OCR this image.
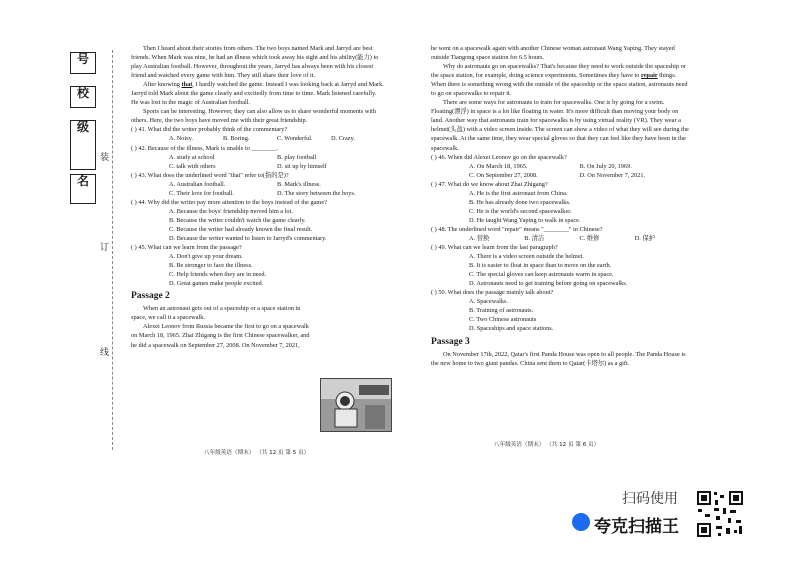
号
校
级
名
装
订
线

Then I heard about their stories from others. The two boys named Mark and Jarryd are best friends. When Mark was nine, he had an illness which took away his sight and his ability(能力) to play Australian football. However, throughout the years, Jarryd has always been with his closest friend and watched every game with him. They still share their love of it.

After knowing that, I hardly watched the game. Instead I was looking back at Jarryd and Mark. Jarryd told Mark about the game clearly and excitedly from time to time. Mark listened carefully. He was lost in the magic of Australian football.

Sports can be interesting. However, they can also allow us to share wonderful moments with others. Here, the two boys have moved me with their great friendship.

( ) 41. What did the writer probably think of the commentary?
A. Noisy.	B. Boring.	C. Wonderful.	D. Crazy.
( ) 42. Because of the illness, Mark is unable to ________.
A. study at school	B. play football
C. talk with others	D. sit up by himself
( ) 43. What does the underlined word "that" refer to(指的是)?
A. Australian football.	B. Mark's illness.
C. Their love for football.	D. The story between the boys.
( ) 44. Why did the writer pay more attention to the boys instead of the game?
A. Because the boys' friendship moved him a lot.
B. Because the writer couldn't watch the game clearly.
C. Because the writer had already known the final result.
D. Because the writer wanted to listen to Jarryd's commentary.
( ) 45. What can we learn from the passage?
A. Don't give up your dream.
B. Be stronger to face the illness.
C. Help friends when they are in need.
D. Great games make people excited.
Passage 2

When an astronaut gets out of a spaceship or a space station in space, we call it a spacewalk.

Alexei Leonov from Russia became the first to go on a spacewalk on March 18, 1965. Zhai Zhigang is the first Chinese spacewalker, and he did a spacewalk on September 27, 2008. On November 7, 2021,

八年级英语（期末） （共 12 页 第 5 页）

he went on a spacewalk again with another Chinese woman astronaut Wang Yaping. They stayed outside Tiangong space station for 6.5 hours.

Why do astronauts go on spacewalks? That's because they need to work outside the spaceship or the space station, for example, doing science experiments. Sometimes they have to repair things. When there is something wrong with the outside of the spaceship or the space station, astronauts need to go on spacewalks to repair it.

There are some ways for astronauts to train for spacewalks. One is by going for a swim. Floating(漂浮) in space is a lot like floating in water. It's more difficult than moving your body on land. Another way that astronauts train for spacewalks is by using virtual reality (VR). They wear a helmet(头盔) with a video screen inside. The screen can show a video of what they will see during the spacewalk. At the same time, they wear special gloves so that they can feel like they have been in the spacewalk.

( ) 46. When did Alexei Leonov go on the spacewalk?
A. On March 18, 1965.	B. On July 20, 1969.
C. On September 27, 2008.	D. On November 7, 2021.
( ) 47. What do we know about Zhai Zhigang?
A. He is the first astronaut from China.
B. He has already done two spacewalks.
C. He is the world's second spacewalker.
D. He taught Wang Yaping to walk in space.
( ) 48. The underlined word "repair" means "________" in Chinese?
A. 替换	B. 清洁	C. 维修	D. 保护
( ) 49. What can we learn from the last paragraph?
A. There is a video screen outside the helmet.
B. It is easier to float in space than to move on the earth.
C. The special gloves can keep astronauts warm in space.
D. Astronauts need to get training before going on spacewalks.
( ) 50. What does the passage mainly talk about?
A. Spacewalks.
B. Training of astronauts.
C. Two Chinese astronauts
D. Spaceships and space stations.
Passage 3

On November 17th, 2022, Qatar's first Panda House was open to all people. The Panda House is the new home to two giant pandas. China sent them to Qatar(卡塔尔) as a gift.

八年级英语（期末） （共 12 页 第 6 页）
扫码使用
夸克扫描王
